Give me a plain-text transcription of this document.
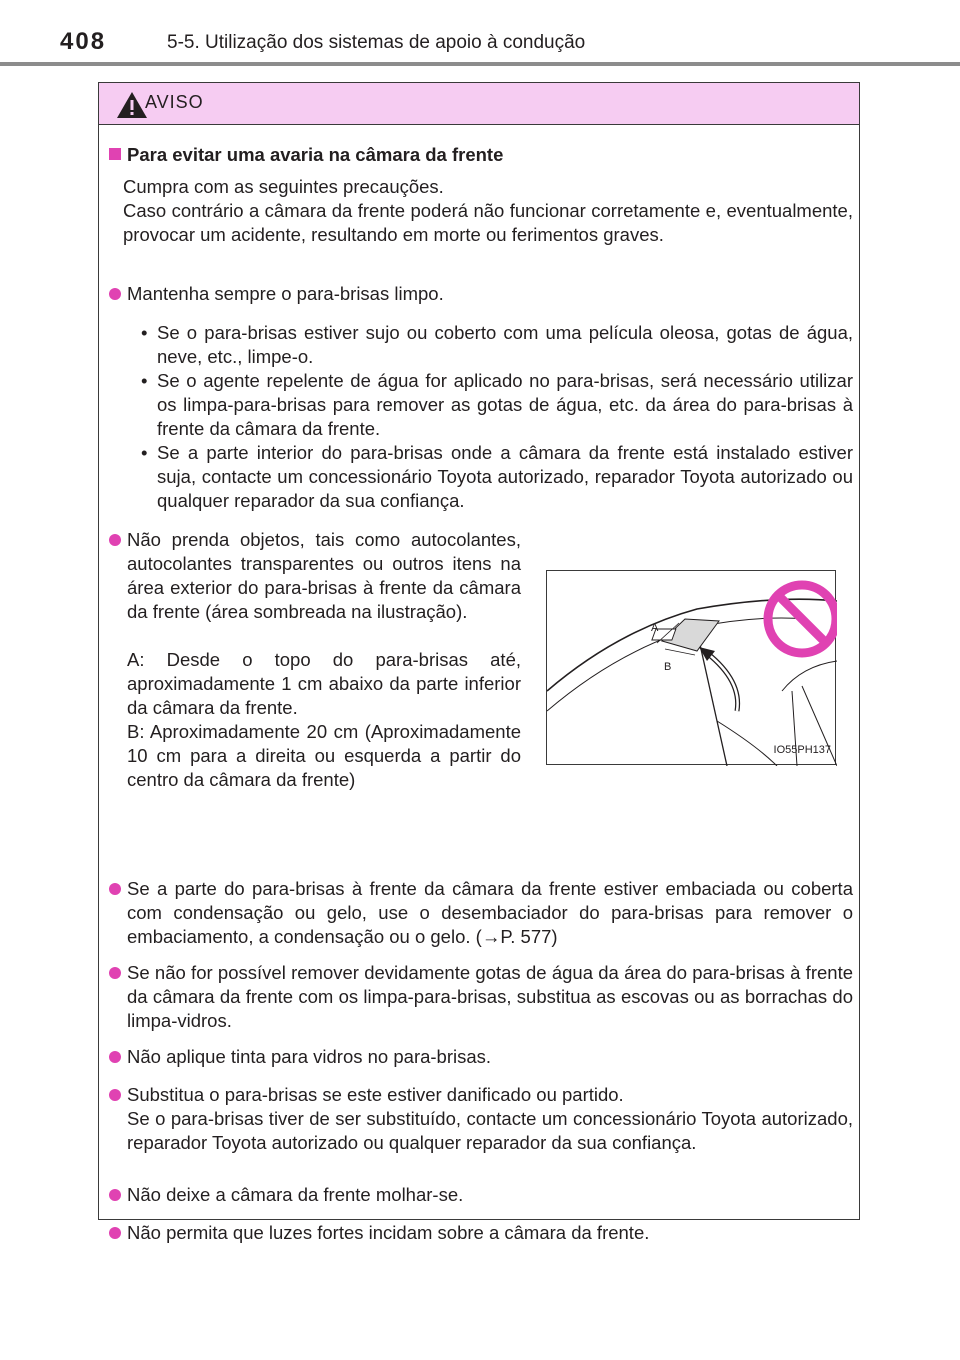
408	5-5. Utilização dos sistemas de apoio à condução
AVISO
Para evitar uma avaria na câmara da frente
Cumpra com as seguintes precauções.
Caso contrário a câmara da frente poderá não funcionar corretamente e, eventualmente, provocar um acidente, resultando em morte ou ferimentos graves.
Mantenha sempre o para-brisas limpo.
• Se o para-brisas estiver sujo ou coberto com uma película oleosa, gotas de água, neve, etc., limpe-o.
• Se o agente repelente de água for aplicado no para-brisas, será necessário utilizar os limpa-para-brisas para remover as gotas de água, etc. da área do para-brisas à frente da câmara da frente.
• Se a parte interior do para-brisas onde a câmara da frente está instalado estiver suja, contacte um concessionário Toyota autorizado, reparador Toyota autorizado ou qualquer reparador da sua confiança.
Não prenda objetos, tais como autocolantes, autocolantes transparentes ou outros itens na área exterior do para-brisas à frente da câmara da frente (área sombreada na ilustração).
A: Desde o topo do para-brisas até, aproximadamente 1 cm abaixo da parte inferior da câmara da frente.
B: Aproximadamente 20 cm (Aproximadamente 10 cm para a direita ou esquerda a partir do centro da câmara da frente)
A
B
IO55PH137
Se a parte do para-brisas à frente da câmara da frente estiver embaciada ou coberta com condensação ou gelo, use o desembaciador do para-brisas para remover o embaciamento, a condensação ou o gelo. (→P. 577)
Se não for possível remover devidamente gotas de água da área do para-brisas à frente da câmara da frente com os limpa-para-brisas, substitua as escovas ou as borrachas do limpa-vidros.
Não aplique tinta para vidros no para-brisas.
Substitua o para-brisas se este estiver danificado ou partido.
Se o para-brisas tiver de ser substituído, contacte um concessionário Toyota autorizado, reparador Toyota autorizado ou qualquer reparador da sua confiança.
Não deixe a câmara da frente molhar-se.
Não permita que luzes fortes incidam sobre a câmara da frente.
